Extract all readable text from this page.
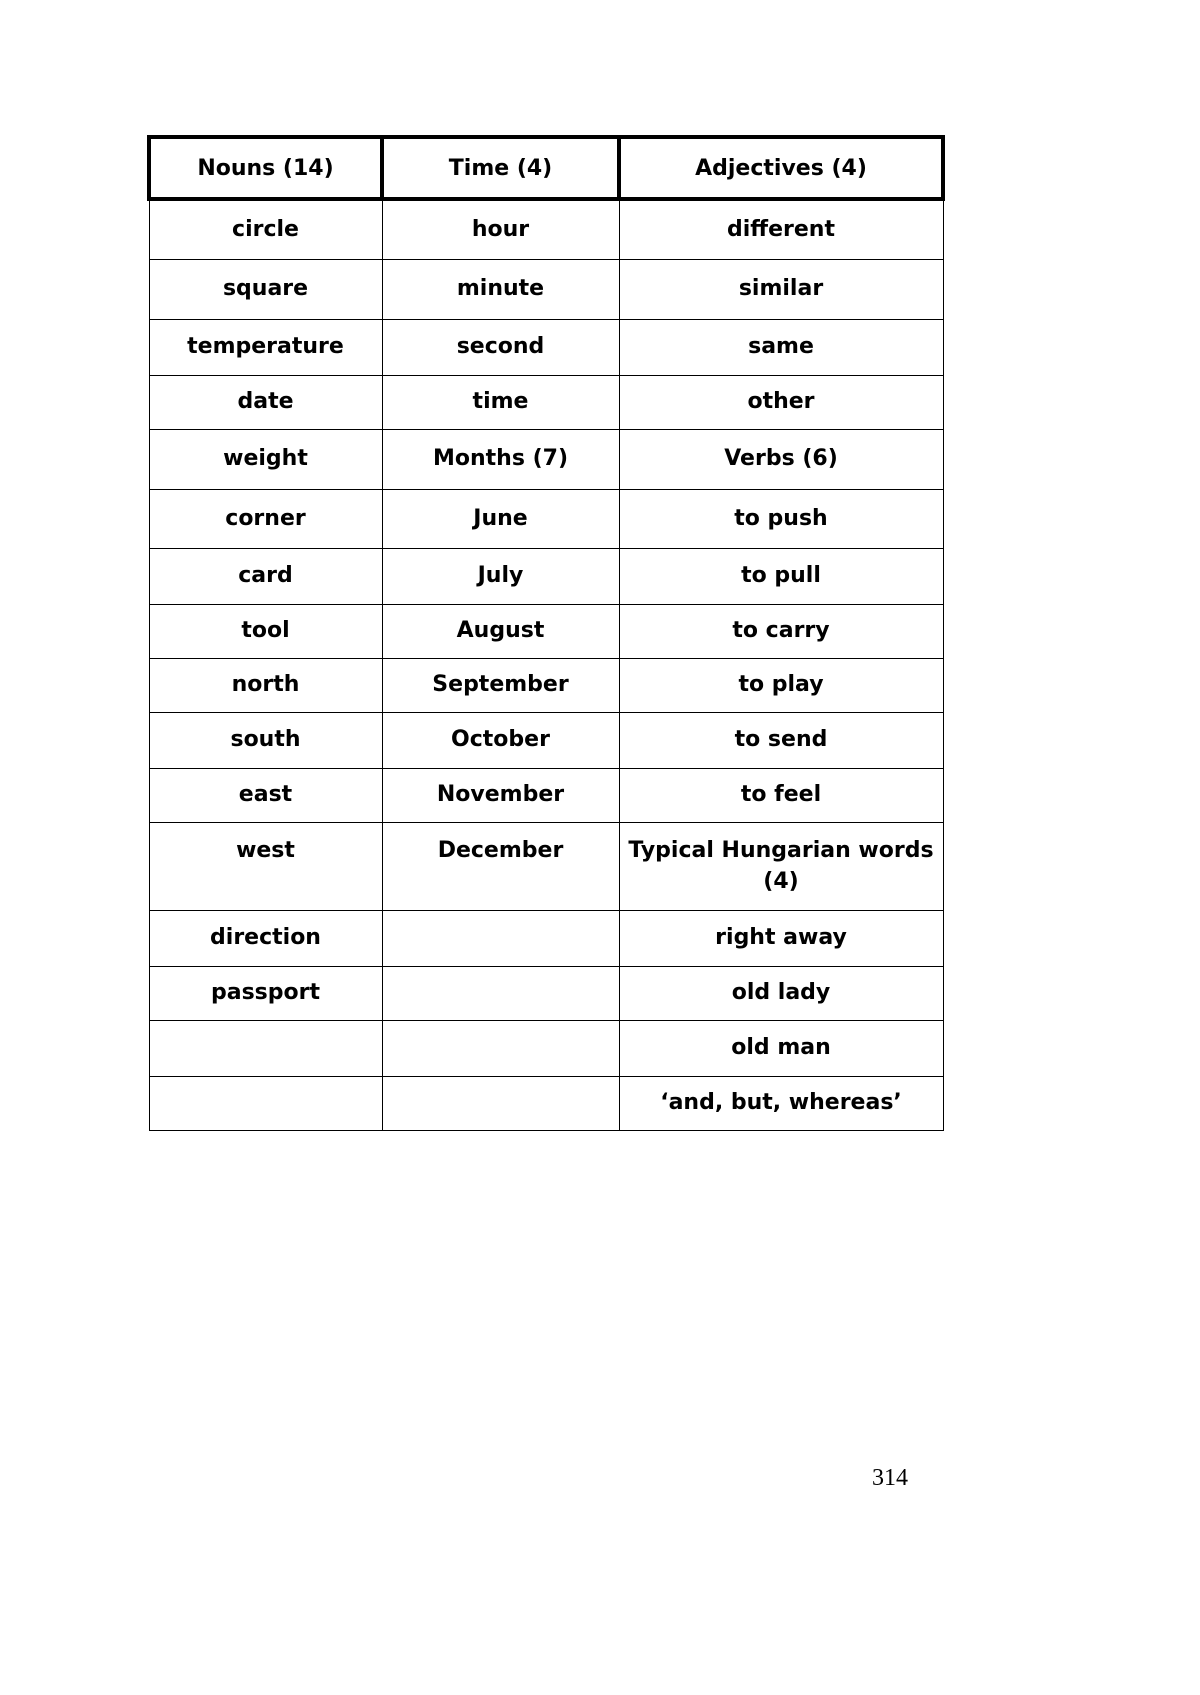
Nouns (14)	Time (4)	Adjectives (4)
circle	hour	different
square	minute	similar
temperature	second	same
date	time	other
weight	Months (7)	Verbs (6)
corner	June	to push
card	July	to pull
tool	August	to carry
north	September	to play
south	October	to send
east	November	to feel
west	December	Typical Hungarian words (4)
direction		right away
passport		old lady
		old man
		‘and, but, whereas’
314
